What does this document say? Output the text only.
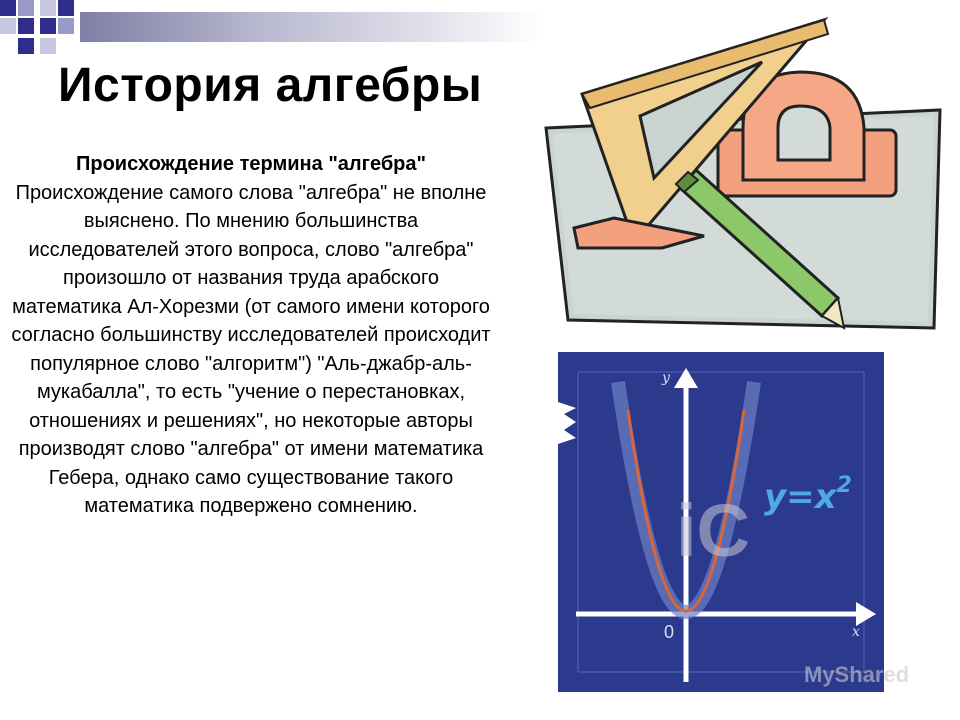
История алгебры
Происхождение термина "алгебра"
Происхождение самого слова "алгебра" не вполне выяснено. По мнению большинства исследователей этого вопроса, слово "алгебра" произошло от названия труда арабского математика Ал-Хорезми (от самого имени которого согласно большинству исследователей происходит популярное слово "алгоритм") "Аль-джабр-аль-мукабалла", то есть "учение о перестановках, отношениях и решениях", но некоторые авторы производят слово "алгебра" от имени математика Гебера, однако само существование такого математика подвержено сомнению.
y
x
0
$y=x^2$
iC
MyShared
